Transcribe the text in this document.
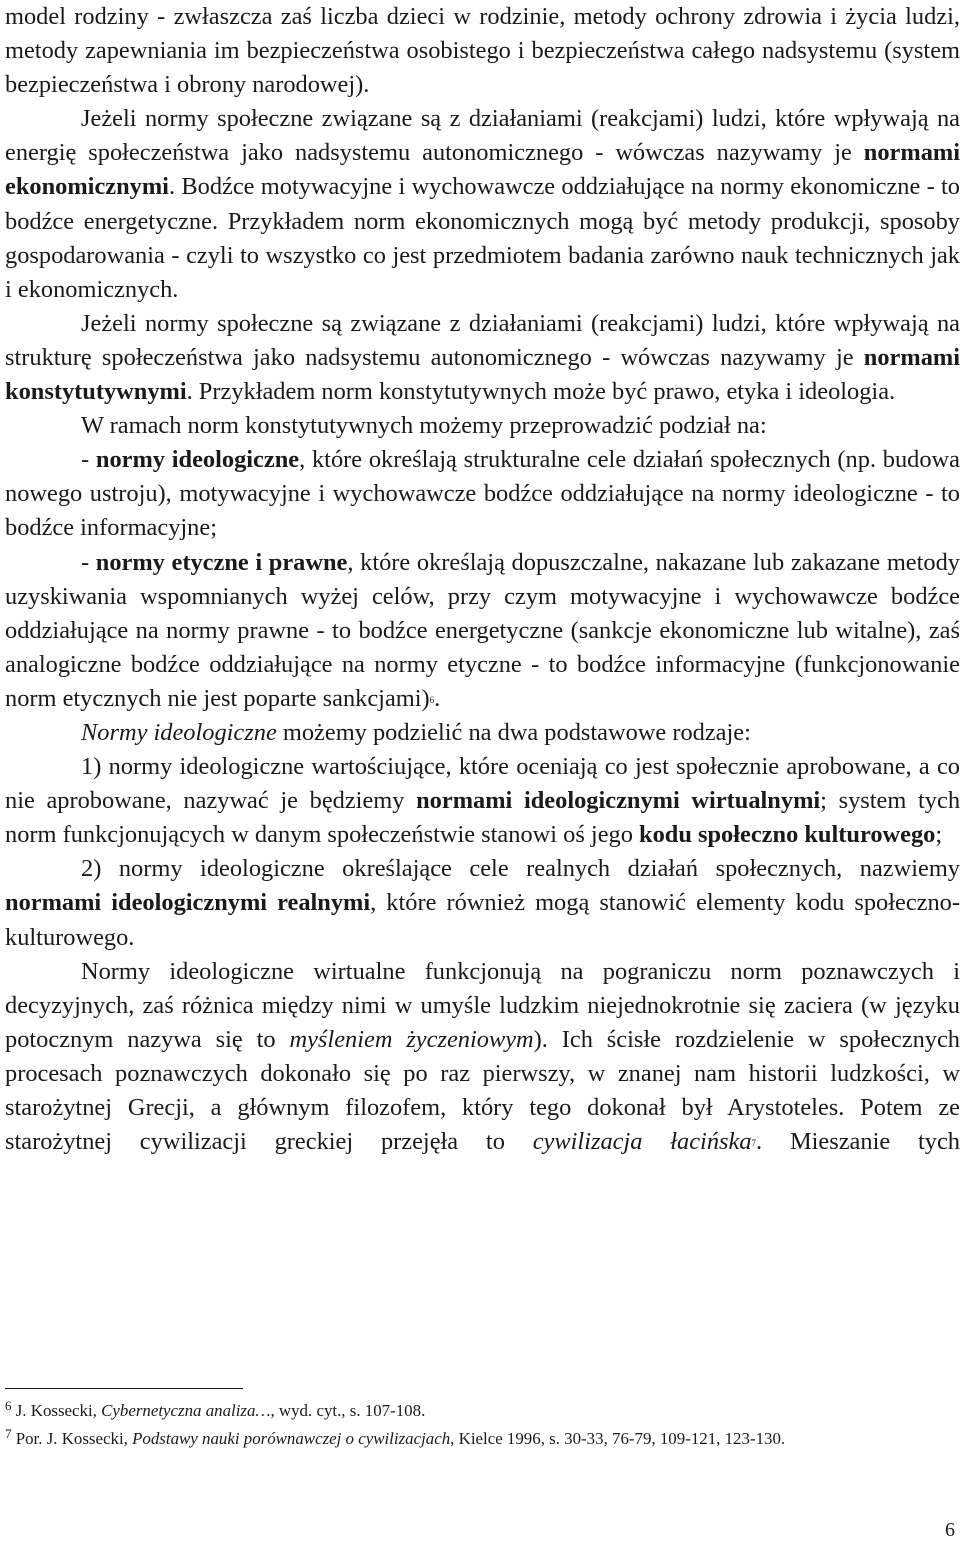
model rodziny - zwłaszcza zaś liczba dzieci w rodzinie, metody ochrony zdrowia i życia ludzi, metody zapewniania im bezpieczeństwa osobistego i bezpieczeństwa całego nadsystemu (system bezpieczeństwa i obrony narodowej).

Jeżeli normy społeczne związane są z działaniami (reakcjami) ludzi, które wpływają na energię społeczeństwa jako nadsystemu autonomicznego - wówczas nazywamy je normami ekonomicznymi. Bodźce motywacyjne i wychowawcze oddziałujące na normy ekonomiczne - to bodźce energetyczne. Przykładem norm ekonomicznych mogą być metody produkcji, sposoby gospodarowania - czyli to wszystko co jest przedmiotem badania zarówno nauk technicznych jak i ekonomicznych.

Jeżeli normy społeczne są związane z działaniami (reakcjami) ludzi, które wpływają na strukturę społeczeństwa jako nadsystemu autonomicznego - wówczas nazywamy je normami konstytutywnymi. Przykładem norm konstytutywnych może być prawo, etyka i ideologia.

W ramach norm konstytutywnych możemy przeprowadzić podział na:

- normy ideologiczne, które określają strukturalne cele działań społecznych (np. budowa nowego ustroju), motywacyjne i wychowawcze bodźce oddziałujące na normy ideologiczne - to bodźce informacyjne;

- normy etyczne i prawne, które określają dopuszczalne, nakazane lub zakazane metody uzyskiwania wspomnianych wyżej celów, przy czym motywacyjne i wychowawcze bodźce oddziałujące na normy prawne - to bodźce energetyczne (sankcje ekonomiczne lub witalne), zaś analogiczne bodźce oddziałujące na normy etyczne - to bodźce informacyjne (funkcjonowanie norm etycznych nie jest poparte sankcjami)$^6$.

Normy ideologiczne możemy podzielić na dwa podstawowe rodzaje:

1) normy ideologiczne wartościujące, które oceniają co jest społecznie aprobowane, a co nie aprobowane, nazywać je będziemy normami ideologicznymi wirtualnymi; system tych norm funkcjonujących w danym społeczeństwie stanowi oś jego kodu społeczno kulturowego;

2) normy ideologiczne określające cele realnych działań społecznych, nazwiemy normami ideologicznymi realnymi, które również mogą stanowić elementy kodu społeczno-kulturowego.

Normy ideologiczne wirtualne funkcjonują na pograniczu norm poznawczych i decyzyjnych, zaś różnica między nimi w umyśle ludzkim niejednokrotnie się zaciera (w języku potocznym nazywa się to myśleniem życzeniowym). Ich ścisłe rozdzielenie w społecznych procesach poznawczych dokonało się po raz pierwszy, w znanej nam historii ludzkości, w starożytnej Grecji, a głównym filozofem, który tego dokonał był Arystoteles. Potem ze starożytnej cywilizacji greckiej przejęła to cywilizacja łacińska$^7$. Mieszanie tych

$^6$ J. Kossecki, Cybernetyczna analiza…, wyd. cyt., s. 107-108.

$^7$ Por. J. Kossecki, Podstawy nauki porównawczej o cywilizacjach, Kielce 1996, s. 30-33, 76-79, 109-121, 123-130.

6
